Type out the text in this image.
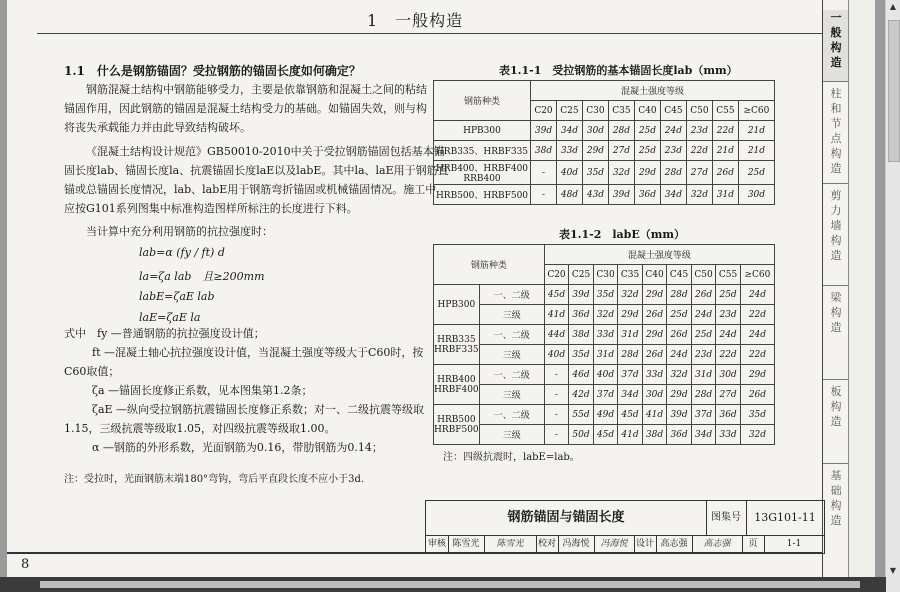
1　一般构造
1.1　什么是钢筋锚固？受拉钢筋的锚固长度如何确定？
钢筋混凝土结构中钢筋能够受力，主要是依靠钢筋和混凝土之间的粘结
锚固作用，因此钢筋的锚固是混凝土结构受力的基础。如锚固失效，则与构
将丧失承载能力并由此导致结构破坏。
《混凝土结构设计规范》GB50010-2010中关于受拉钢筋锚固包括基本锚
固长度lab、锚固长度la、抗震锚固长度laE以及labE。其中la、laE用于钢筋直
锚或总锚固长度情况，lab、labE用于钢筋弯折锚固或机械锚固情况。施工中
应按G101系列图集中标准构造图样所标注的长度进行下料。
当计算中充分利用钢筋的抗拉强度时：
lab=α (fy / ft) d
la=ζa lab　且≥200mm
labE=ζaE lab
laE=ζaE la
式中　fy —普通钢筋的抗拉强度设计值；
ft —混凝土轴心抗拉强度设计值，当混凝土强度等级大于C60时，按
C60取值；
ζa —锚固长度修正系数，见本图集第1.2条；
ζaE —纵向受拉钢筋抗震锚固长度修正系数；对一、二级抗震等级取
1.15，三级抗震等级取1.05，对四级抗震等级取1.00。
α —钢筋的外形系数，光面钢筋为0.16，带肋钢筋为0.14；
注：受拉时，光面钢筋末端180°弯钩，弯后平直段长度不应小于3d.
表1.1-1　受拉钢筋的基本锚固长度lab（mm）
钢筋种类	混凝土强度等级								
	C20	C25	C30	C35	C40	C45	C50	C55	≥C60
HPB300	39d	34d	30d	28d	25d	24d	23d	22d	21d
HRB335、HRBF335	38d	33d	29d	27d	25d	23d	22d	21d	21d
HRB400、HRBF400 RRB400	-	40d	35d	32d	29d	28d	27d	26d	25d
HRB500、HRBF500	-	48d	43d	39d	36d	34d	32d	31d	30d
表1.1-2　labE（mm）
钢筋种类		混凝土强度等级								
		C20	C25	C30	C35	C40	C45	C50	C55	≥C60
HPB300	一、二级	45d	39d	35d	32d	29d	28d	26d	25d	24d
	三级	41d	36d	32d	29d	26d	25d	24d	23d	22d
HRB335 HRBF335	一、二级	44d	38d	33d	31d	29d	26d	25d	24d	24d
	三级	40d	35d	31d	28d	26d	24d	23d	22d	22d
HRB400 HRBF400	一、二级	-	46d	40d	37d	33d	32d	31d	30d	29d
	三级	-	42d	37d	34d	30d	29d	28d	27d	26d
HRB500 HRBF500	一、二级	-	55d	49d	45d	41d	39d	37d	36d	35d
	三级	-	50d	45d	41d	38d	36d	34d	33d	32d
注：四级抗震时，labE=lab。
钢筋锚固与锚固长度	图集号	13G101-11
审核 陈雪光	陈雪光	校对 冯海悦	冯海悦 设计 高志强	高志强	页	1-1
8
一
般
构
造
柱
和
节
点
构
造
剪
力
墙
构
造
梁
构
造
板
构
造
基
础
构
造
▲
▼
